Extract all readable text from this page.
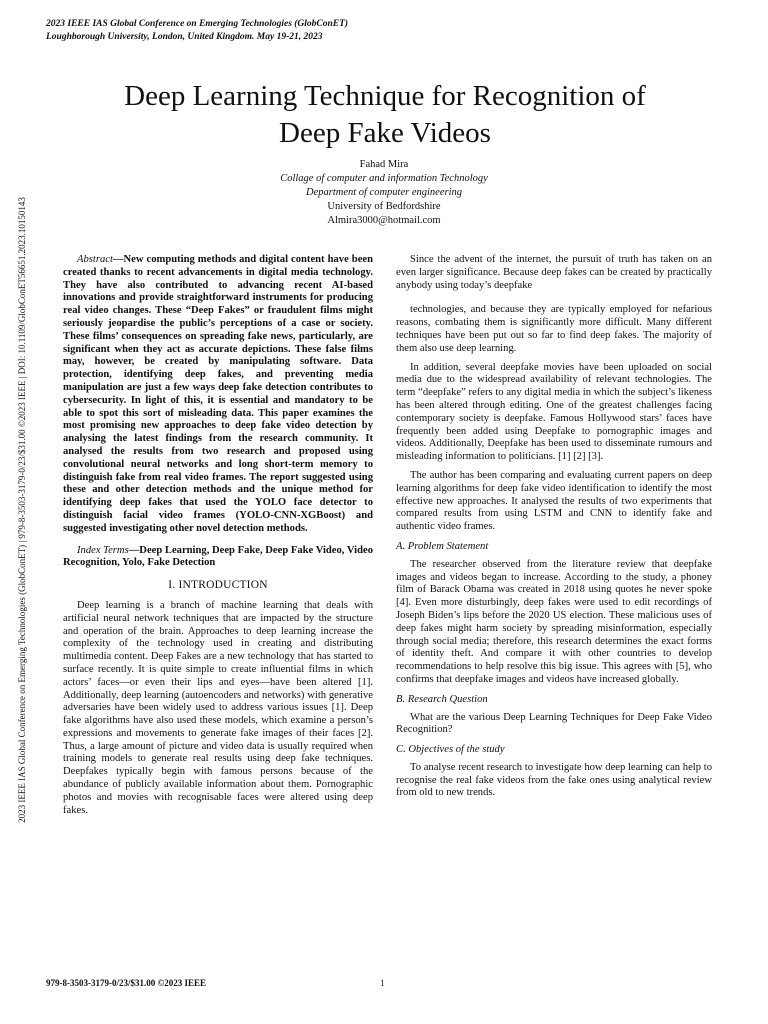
2023 IEEE IAS Global Conference on Emerging Technologies (GlobConET)
Loughborough University, London, United Kingdom. May 19-21, 2023
Deep Learning Technique for Recognition of
Deep Fake Videos
Fahad Mira
Collage of computer and information Technology
Department of computer engineering
University of Bedfordshire
Almira3000@hotmail.com
2023 IEEE IAS Global Conference on Emerging Technologies (GlobConET) | 979-8-3503-3179-0/23/$31.00 ©2023 IEEE | DOI: 10.1109/GlobConET56651.2023.10150143	Abstract—New computing methods and digital content have been created thanks to recent advancements in digital media technology. They have also contributed to advancing recent AI-based innovations and provide straightforward instruments for producing real video changes. These “Deep Fakes” or fraudulent films might seriously jeopardise the public’s perceptions of a case or society. These films’ consequences on spreading fake news, particularly, are significant when they act as accurate depictions. These false films may, however, be created by manipulating software. Data protection, identifying deep fakes, and preventing media manipulation are just a few ways deep fake detection contributes to cybersecurity. In light of this, it is essential and mandatory to be able to spot this sort of misleading data. This paper examines the most promising new approaches to deep fake video detection by analysing the latest findings from the research community. It analysed the results from two research and proposed using convolutional neural networks and long short-term memory to distinguish fake from real video frames. The report suggested using these and other detection methods and the unique method for identifying deep fakes that used the YOLO face detector to distinguish facial video frames (YOLO-CNN-XGBoost) and suggested investigating other novel detection methods.

Index Terms—Deep Learning, Deep Fake, Deep Fake Video, Video Recognition, Yolo, Fake Detection

I. INTRODUCTION

Deep learning is a branch of machine learning that deals with artificial neural network techniques that are impacted by the structure and operation of the brain. Approaches to deep learning increase the complexity of the technology used in creating and distributing multimedia content. Deep Fakes are a new technology that has started to surface recently. It is quite simple to create influential films in which actors’ faces—or even their lips and eyes—have been altered [1]. Additionally, deep learning (autoencoders and networks) with generative adversaries have been widely used to address various issues [1]. Deep fake algorithms have also used these models, which examine a person’s expressions and movements to generate fake images of their faces [2]. Thus, a large amount of picture and video data is usually required when training models to generate real results using deep fake techniques. Deepfakes typically begin with famous persons because of the abundance of publicly available information about them. Pornographic photos and movies with recognisable faces were altered using deep fakes.

Since the advent of the internet, the pursuit of truth has taken on an even larger significance. Because deep fakes can be created by practically anybody using today’s deepfake

technologies, and because they are typically employed for nefarious reasons, combating them is significantly more difficult. Many different techniques have been put out so far to find deep fakes. The majority of them also use deep learning.

In addition, several deepfake movies have been uploaded on social media due to the widespread availability of relevant technologies. The term “deepfake” refers to any digital media in which the subject’s likeness has been altered through editing. One of the greatest challenges facing contemporary society is deepfake. Famous Hollywood stars’ faces have frequently been added using Deepfake to pornographic images and videos. Additionally, Deepfake has been used to disseminate rumours and misleading information to politicians. [1] [2] [3].

The author has been comparing and evaluating current papers on deep learning algorithms for deep fake video identification to identify the most effective new approaches. It analysed the results of two experiments that compared results from using LSTM and CNN to identify fake and authentic video frames.

A. Problem Statement

The researcher observed from the literature review that deepfake images and videos began to increase. According to the study, a phoney film of Barack Obama was created in 2018 using quotes he never spoke [4]. Even more disturbingly, deep fakes were used to edit recordings of Joseph Biden’s lips before the 2020 US election. These malicious uses of deep fakes might harm society by spreading misinformation, especially through social media; therefore, this research determines the exact forms of identity theft. And compare it with other countries to develop recommendations to help resolve this big issue. This agrees with [5], who confirms that deepfake images and videos have increased globally.

B. Research Question

What are the various Deep Learning Techniques for Deep Fake Video Recognition?

C. Objectives of the study

To analyse recent research to investigate how deep learning can help to recognise the real fake videos from the fake ones using analytical review from old to new trends.

979-8-3503-3179-0/23/$31.00 ©2023 IEEE	1
